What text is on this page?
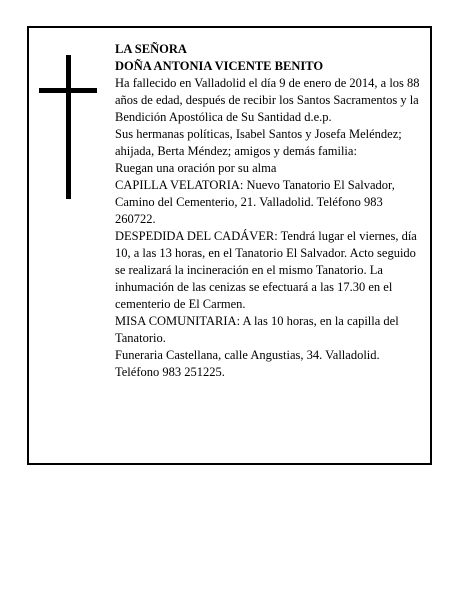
LA SEÑORA

DOÑA ANTONIA VICENTE BENITO

Ha fallecido en Valladolid el día 9 de enero de 2014, a los 88 años de edad, después de recibir los Santos Sacramentos y la Bendición Apostólica de Su Santidad d.e.p.

Sus hermanas políticas, Isabel Santos y Josefa Meléndez; ahijada, Berta Méndez; amigos y demás familia:

Ruegan una oración por su alma

CAPILLA VELATORIA: Nuevo Tanatorio El Salvador, Camino del Cementerio, 21. Valladolid. Teléfono 983 260722.

DESPEDIDA DEL CADÁVER: Tendrá lugar el viernes, día 10, a las 13 horas, en el Tanatorio El Salvador. Acto seguido se realizará la incineración en el mismo Tanatorio. La inhumación de las cenizas se efectuará a las 17.30 en el cementerio de El Carmen.

MISA COMUNITARIA: A las 10 horas, en la capilla del Tanatorio.

Funeraria Castellana, calle Angustias, 34. Valladolid. Teléfono 983 251225.
